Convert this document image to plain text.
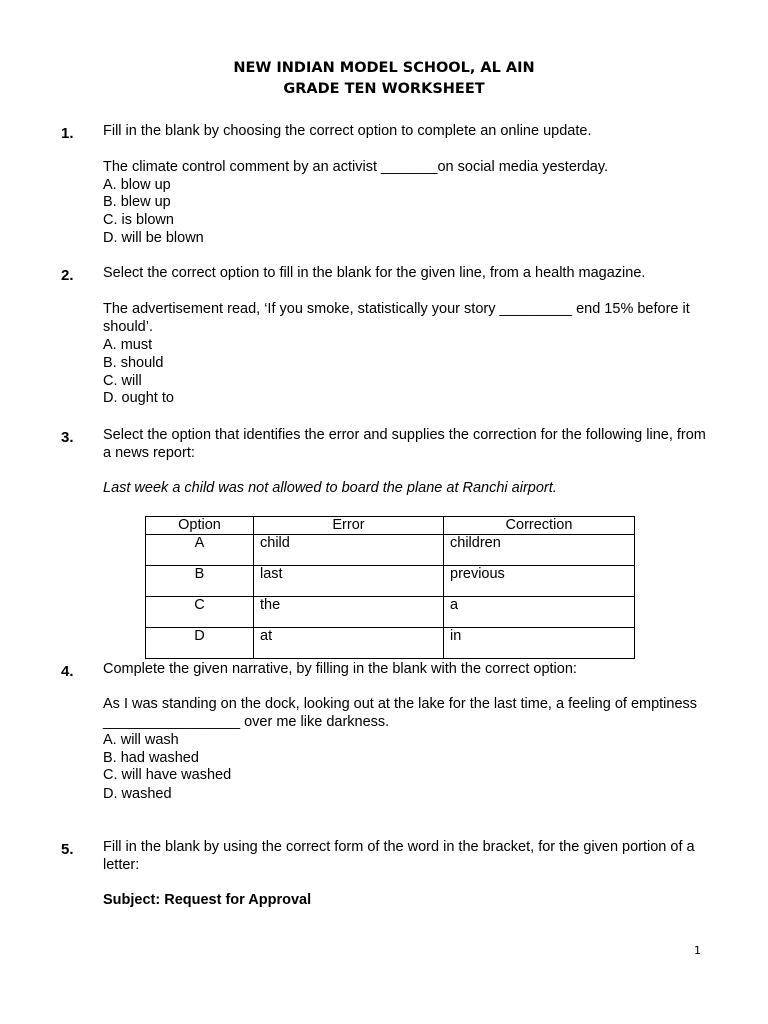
NEW INDIAN MODEL SCHOOL, AL AIN
GRADE TEN WORKSHEET
1. Fill in the blank by choosing the correct option to complete an online update.
The climate control comment by an activist _______on social media yesterday.
A. blow up
B. blew up
C. is blown
D. will be blown
2. Select the correct option to fill in the blank for the given line, from a health magazine.
The advertisement read, ‘If you smoke, statistically your story _________ end 15% before it
should’.
A. must
B. should
C. will
D. ought to
3. Select the option that identifies the error and supplies the correction for the following line, from
a news report:
Last week a child was not allowed to board the plane at Ranchi airport.
Option	Error	Correction
A	child	children
B	last	previous
C	the	a
D	at	in
4. Complete the given narrative, by filling in the blank with the correct option:
As I was standing on the dock, looking out at the lake for the last time, a feeling of emptiness
_________________ over me like darkness.
A. will wash
B. had washed
C. will have washed
D. washed
5. Fill in the blank by using the correct form of the word in the bracket, for the given portion of a
letter:
Subject: Request for Approval
1
